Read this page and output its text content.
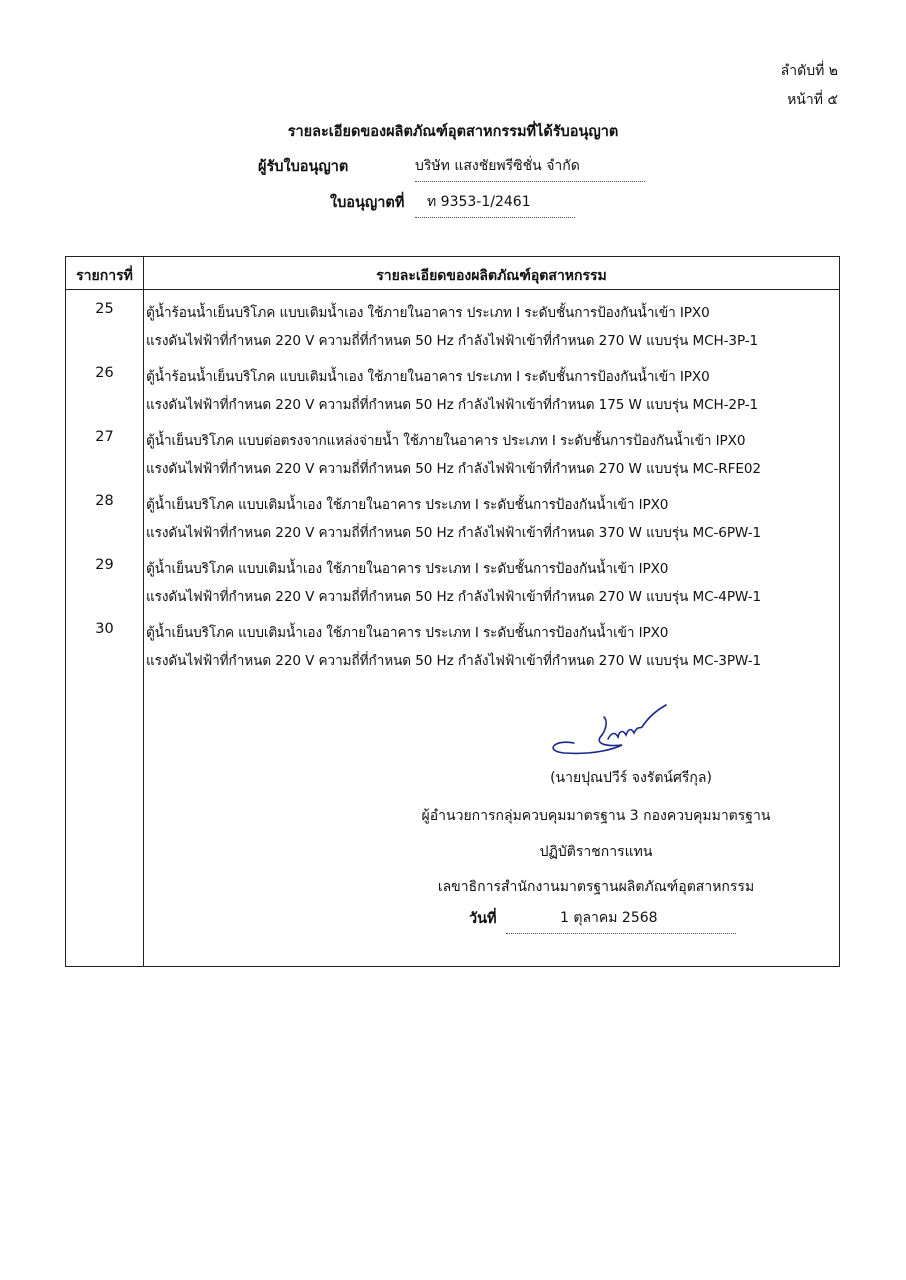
ลำดับที่ ๒
หน้าที่ ๕
รายละเอียดของผลิตภัณฑ์อุตสาหกรรมที่ได้รับอนุญาต
ผู้รับใบอนุญาต	บริษัท แสงชัยพรีซิชั่น จำกัด
ใบอนุญาตที่	ท 9353-1/2461
รายการที่	รายละเอียดของผลิตภัณฑ์อุตสาหกรรม
25	ตู้น้ำร้อนน้ำเย็นบริโภค แบบเติมน้ำเอง ใช้ภายในอาคาร ประเภท I ระดับชั้นการป้องกันน้ำเข้า IPX0
แรงดันไฟฟ้าที่กำหนด 220 V ความถี่ที่กำหนด 50 Hz กำลังไฟฟ้าเข้าที่กำหนด 270 W แบบรุ่น MCH-3P-1
26	ตู้น้ำร้อนน้ำเย็นบริโภค แบบเติมน้ำเอง ใช้ภายในอาคาร ประเภท I ระดับชั้นการป้องกันน้ำเข้า IPX0
แรงดันไฟฟ้าที่กำหนด 220 V ความถี่ที่กำหนด 50 Hz กำลังไฟฟ้าเข้าที่กำหนด 175 W แบบรุ่น MCH-2P-1
27	ตู้น้ำเย็นบริโภค แบบต่อตรงจากแหล่งจ่ายน้ำ ใช้ภายในอาคาร ประเภท I ระดับชั้นการป้องกันน้ำเข้า IPX0
แรงดันไฟฟ้าที่กำหนด 220 V ความถี่ที่กำหนด 50 Hz กำลังไฟฟ้าเข้าที่กำหนด 270 W แบบรุ่น MC-RFE02
28	ตู้น้ำเย็นบริโภค แบบเติมน้ำเอง ใช้ภายในอาคาร ประเภท I ระดับชั้นการป้องกันน้ำเข้า IPX0
แรงดันไฟฟ้าที่กำหนด 220 V ความถี่ที่กำหนด 50 Hz กำลังไฟฟ้าเข้าที่กำหนด 370 W แบบรุ่น MC-6PW-1
29	ตู้น้ำเย็นบริโภค แบบเติมน้ำเอง ใช้ภายในอาคาร ประเภท I ระดับชั้นการป้องกันน้ำเข้า IPX0
แรงดันไฟฟ้าที่กำหนด 220 V ความถี่ที่กำหนด 50 Hz กำลังไฟฟ้าเข้าที่กำหนด 270 W แบบรุ่น MC-4PW-1
30	ตู้น้ำเย็นบริโภค แบบเติมน้ำเอง ใช้ภายในอาคาร ประเภท I ระดับชั้นการป้องกันน้ำเข้า IPX0
แรงดันไฟฟ้าที่กำหนด 220 V ความถี่ที่กำหนด 50 Hz กำลังไฟฟ้าเข้าที่กำหนด 270 W แบบรุ่น MC-3PW-1
(นายปุณปวีร์ จงรัตน์ศรีกุล)
ผู้อำนวยการกลุ่มควบคุมมาตรฐาน 3 กองควบคุมมาตรฐาน
ปฏิบัติราชการแทน
เลขาธิการสำนักงานมาตรฐานผลิตภัณฑ์อุตสาหกรรม
วันที่	1 ตุลาคม 2568
